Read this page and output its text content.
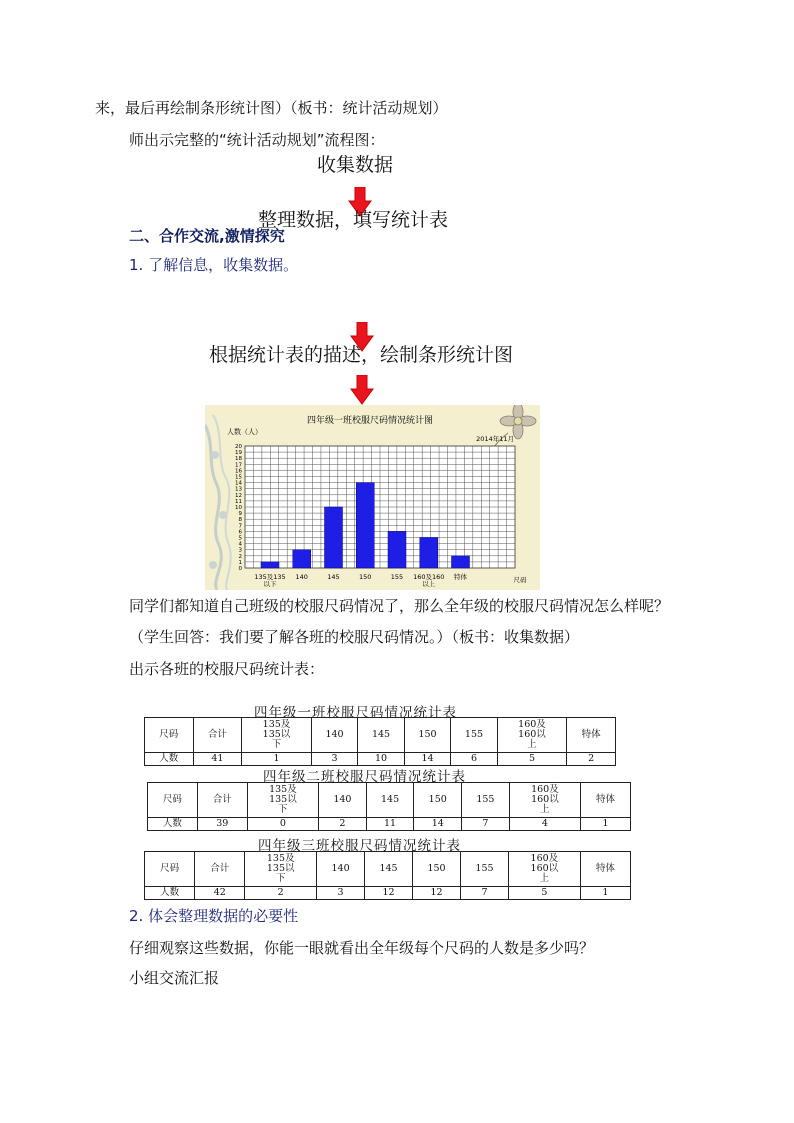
来，最后再绘制条形统计图）（板书：统计活动规划）
师出示完整的“统计活动规划”流程图：
收集数据
整理数据，填写统计表
二、合作交流,激情探究
1. 了解信息，收集数据。
根据统计表的描述，绘制条形统计图
四年级一班校服尺码情况统计图
人数（人）
2014年11月
0
1
2
3
4
5
6
7
8
9
10
11
12
13
14
15
16
17
18
19
20
135及135
以下
140	145	150	155 160及160
以上
特体	尺码
同学们都知道自己班级的校服尺码情况了，那么全年级的校服尺码情况怎么样呢？
（学生回答：我们要了解各班的校服尺码情况。）（板书：收集数据）
出示各班的校服尺码统计表：
四年级一班校服尺码情况统计表
尺码	合计	135及
135以
下	140	145	150	155	160及
160以
上	特体
人数	41	1	3	10	14	6	5	2
四年级二班校服尺码情况统计表
尺码	合计	135及
135以
下	140	145	150	155	160及
160以
上	特体
人数	39	0	2	11	14	7	4	1
四年级三班校服尺码情况统计表
尺码	合计	135及
135以
下	140	145	150	155	160及
160以
上	特体
人数	42	2	3	12	12	7	5	1
2. 体会整理数据的必要性
仔细观察这些数据，你能一眼就看出全年级每个尺码的人数是多少吗？
小组交流汇报
